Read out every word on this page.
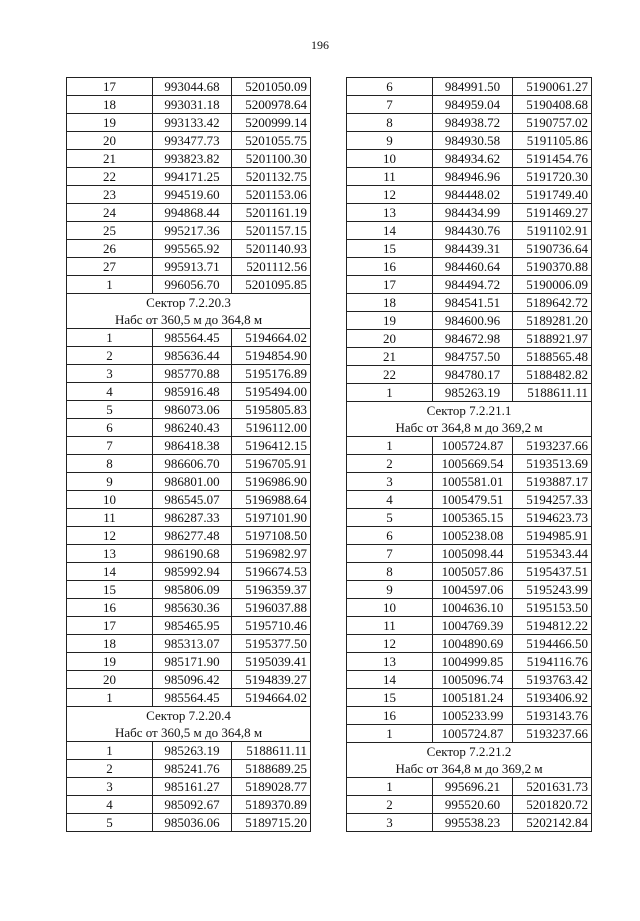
196
17	993044.68	5201050.09
18	993031.18	5200978.64
19	993133.42	5200999.14
20	993477.73	5201055.75
21	993823.82	5201100.30
22	994171.25	5201132.75
23	994519.60	5201153.06
24	994868.44	5201161.19
25	995217.36	5201157.15
26	995565.92	5201140.93
27	995913.71	5201112.56
1	996056.70	5201095.85
Сектор 7.2.20.3		
Набс от 360,5 м до 364,8 м		
1	985564.45	5194664.02
2	985636.44	5194854.90
3	985770.88	5195176.89
4	985916.48	5195494.00
5	986073.06	5195805.83
6	986240.43	5196112.00
7	986418.38	5196412.15
8	986606.70	5196705.91
9	986801.00	5196986.90
10	986545.07	5196988.64
11	986287.33	5197101.90
12	986277.48	5197108.50
13	986190.68	5196982.97
14	985992.94	5196674.53
15	985806.09	5196359.37
16	985630.36	5196037.88
17	985465.95	5195710.46
18	985313.07	5195377.50
19	985171.90	5195039.41
20	985096.42	5194839.27
1	985564.45	5194664.02
Сектор 7.2.20.4		
Набс от 360,5 м до 364,8 м		
1	985263.19	5188611.11
2	985241.76	5188689.25
3	985161.27	5189028.77
4	985092.67	5189370.89
5	985036.06	5189715.20
6	984991.50	5190061.27
7	984959.04	5190408.68
8	984938.72	5190757.02
9	984930.58	5191105.86
10	984934.62	5191454.76
11	984946.96	5191720.30
12	984448.02	5191749.40
13	984434.99	5191469.27
14	984430.76	5191102.91
15	984439.31	5190736.64
16	984460.64	5190370.88
17	984494.72	5190006.09
18	984541.51	5189642.72
19	984600.96	5189281.20
20	984672.98	5188921.97
21	984757.50	5188565.48
22	984780.17	5188482.82
1	985263.19	5188611.11
Сектор 7.2.21.1		
Набс от 364,8 м до 369,2 м		
1	1005724.87	5193237.66
2	1005669.54	5193513.69
3	1005581.01	5193887.17
4	1005479.51	5194257.33
5	1005365.15	5194623.73
6	1005238.08	5194985.91
7	1005098.44	5195343.44
8	1005057.86	5195437.51
9	1004597.06	5195243.99
10	1004636.10	5195153.50
11	1004769.39	5194812.22
12	1004890.69	5194466.50
13	1004999.85	5194116.76
14	1005096.74	5193763.42
15	1005181.24	5193406.92
16	1005233.99	5193143.76
1	1005724.87	5193237.66
Сектор 7.2.21.2		
Набс от 364,8 м до 369,2 м		
1	995696.21	5201631.73
2	995520.60	5201820.72
3	995538.23	5202142.84
